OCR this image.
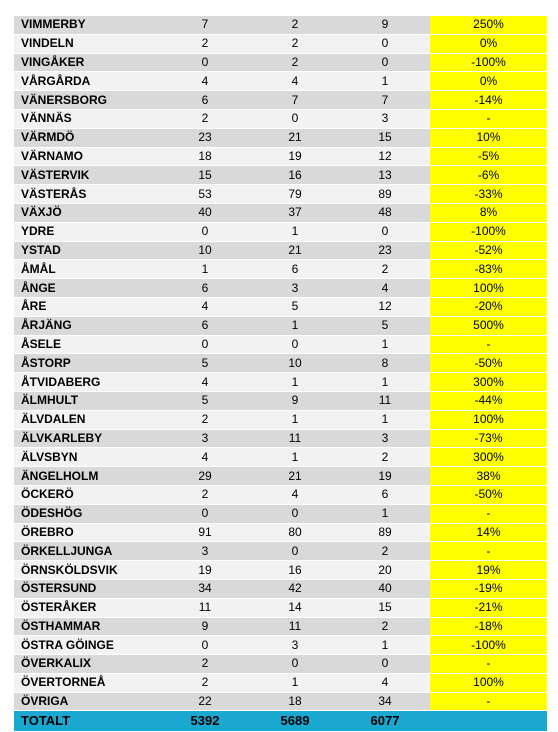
VIMMERBY	7	2	9	250%
VINDELN	2	2	0	0%
VINGÅKER	0	2	0	-100%
VÅRGÅRDA	4	4	1	0%
VÄNERSBORG	6	7	7	-14%
VÄNNÄS	2	0	3	-
VÄRMDÖ	23	21	15	10%
VÄRNAMO	18	19	12	-5%
VÄSTERVIK	15	16	13	-6%
VÄSTERÅS	53	79	89	-33%
VÄXJÖ	40	37	48	8%
YDRE	0	1	0	-100%
YSTAD	10	21	23	-52%
ÅMÅL	1	6	2	-83%
ÅNGE	6	3	4	100%
ÅRE	4	5	12	-20%
ÅRJÄNG	6	1	5	500%
ÅSELE	0	0	1	-
ÅSTORP	5	10	8	-50%
ÅTVIDABERG	4	1	1	300%
ÄLMHULT	5	9	11	-44%
ÄLVDALEN	2	1	1	100%
ÄLVKARLEBY	3	11	3	-73%
ÄLVSBYN	4	1	2	300%
ÄNGELHOLM	29	21	19	38%
ÖCKERÖ	2	4	6	-50%
ÖDESHÖG	0	0	1	-
ÖREBRO	91	80	89	14%
ÖRKELLJUNGA	3	0	2	-
ÖRNSKÖLDSVIK	19	16	20	19%
ÖSTERSUND	34	42	40	-19%
ÖSTERÅKER	11	14	15	-21%
ÖSTHAMMAR	9	11	2	-18%
ÖSTRA GÖINGE	0	3	1	-100%
ÖVERKALIX	2	0	0	-
ÖVERTORNEÅ	2	1	4	100%
ÖVRIGA	22	18	34	-
TOTALT	5392	5689	6077	
